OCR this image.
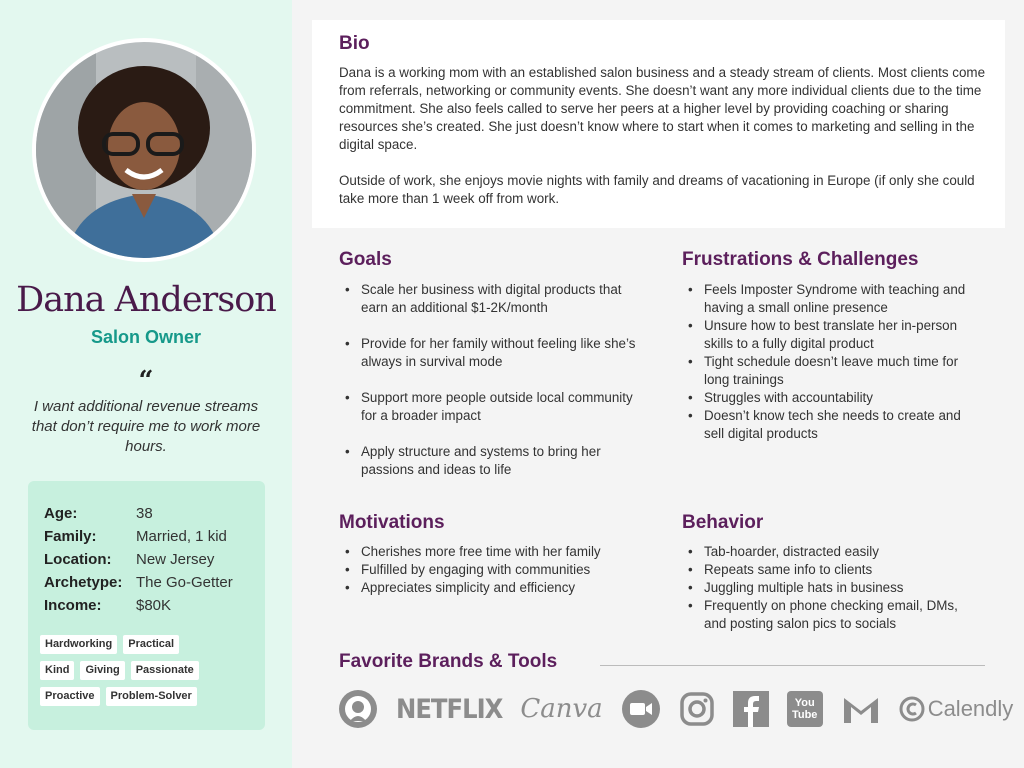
Dana Anderson
Salon Owner
“
I want additional revenue streams that don’t require me to work more hours.
Age:	38
Family:	Married, 1 kid
Location:	New Jersey
Archetype: The Go-Getter
Income:	$80K
Hardworking	Practical
Kind	Giving	Passionate
Proactive	Problem-Solver
Bio

Dana is a working mom with an established salon business and a steady stream of clients. Most clients come from referrals, networking or community events. She doesn’t want any more individual clients due to the time commitment. She also feels called to serve her peers at a higher level by providing coaching or sharing resources she’s created. She just doesn’t know where to start when it comes to marketing and selling in the digital space.

Outside of work, she enjoys movie nights with family and dreams of vacationing in Europe (if only she could take more than 1 week off from work.

Goals
• Scale her business with digital products that earn an additional $1-2K/month
• Provide for her family without feeling like she’s always in survival mode
• Support more people outside local community for a broader impact
• Apply structure and systems to bring her passions and ideas to life
Frustrations & Challenges
• Feels Imposter Syndrome with teaching and having a small online presence
• Unsure how to best translate her in-person skills to a fully digital product
• Tight schedule doesn’t leave much time for long trainings
• Struggles with accountability
• Doesn’t know tech she needs to create and sell digital products
Motivations
• Cherishes more free time with her family
• Fulfilled by engaging with communities
• Appreciates simplicity and efficiency
Behavior
• Tab-hoarder, distracted easily
• Repeats same info to clients
• Juggling multiple hats in business
• Frequently on phone checking email, DMs, and posting salon pics to socials
Favorite Brands & Tools
NETFLIX Canva	You Tube	Calendly
